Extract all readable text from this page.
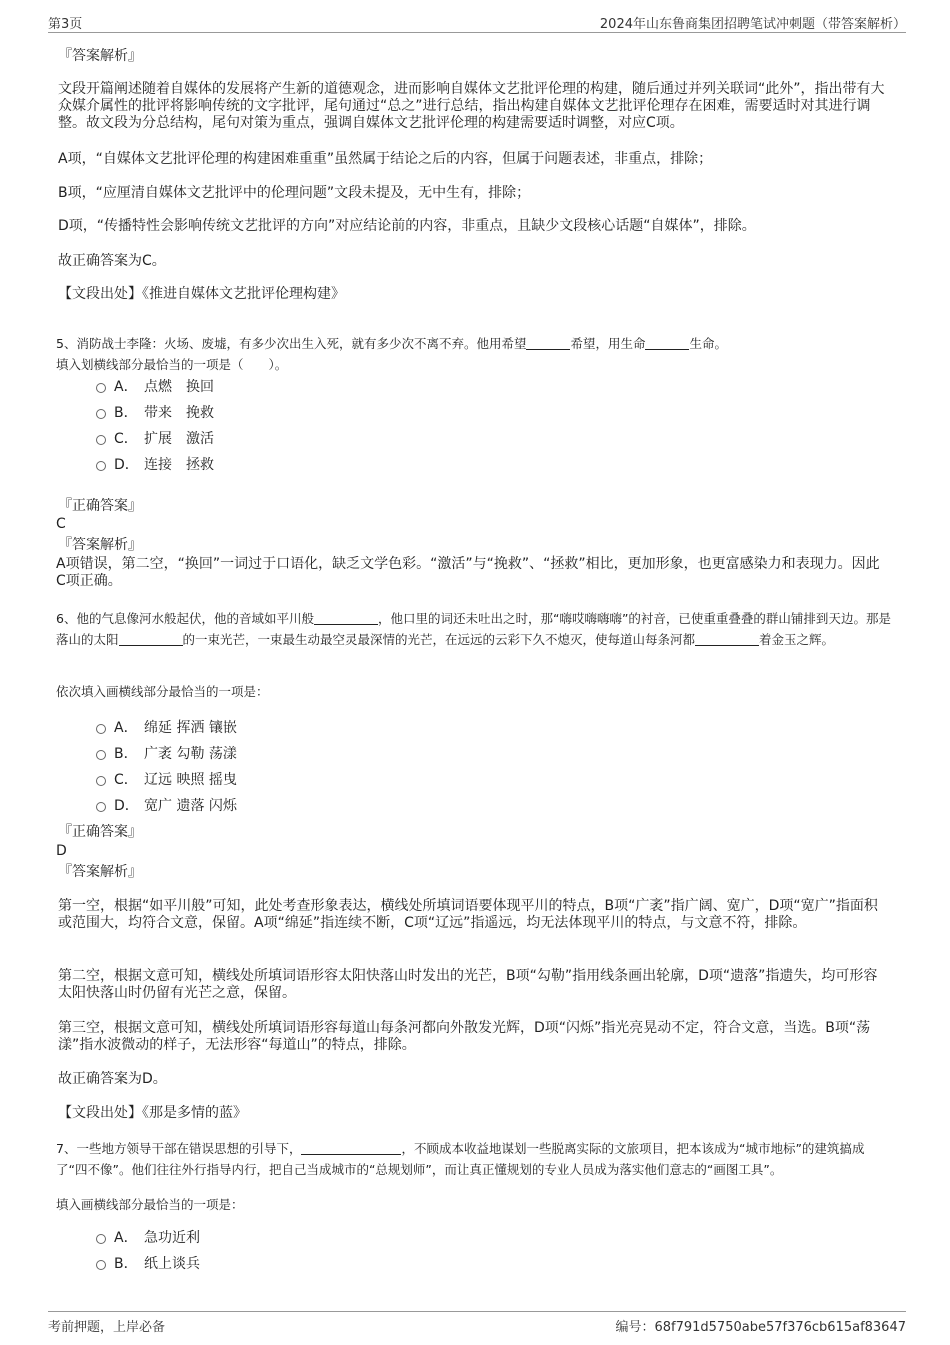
第3页	2024年山东鲁商集团招聘笔试冲刺题（带答案解析）
『答案解析』
文段开篇阐述随着自媒体的发展将产生新的道德观念，进而影响自媒体文艺批评伦理的构建，随后通过并列关联词“此外”，指出带有大众媒介属性的批评将影响传统的文字批评，尾句通过“总之”进行总结，指出构建自媒体文艺批评伦理存在困难，需要适时对其进行调整。故文段为分总结构，尾句对策为重点，强调自媒体文艺批评伦理的构建需要适时调整，对应C项。
A项，“自媒体文艺批评伦理的构建困难重重”虽然属于结论之后的内容，但属于问题表述，非重点，排除；
B项，“应厘清自媒体文艺批评中的伦理问题”文段未提及，无中生有，排除；
D项，“传播特性会影响传统文艺批评的方向”对应结论前的内容，非重点，且缺少文段核心话题“自媒体”，排除。
故正确答案为C。
【文段出处】《推进自媒体文艺批评伦理构建》
5、消防战士李隆：火场、废墟，有多少次出生入死，就有多少次不离不弃。他用希望	希望，用生命	生命。
填入划横线部分最恰当的一项是（　　）。
A． 点燃　换回
B． 带来　挽救
C． 扩展　激活
D． 连接　拯救
『正确答案』
C
『答案解析』
A项错误，第二空，“换回”一词过于口语化，缺乏文学色彩。“激活”与“挽救”、“拯救”相比，更加形象，也更富感染力和表现力。因此C项正确。
6、他的气息像河水般起伏，他的音域如平川般	，他口里的词还未吐出之时，那“嗨哎嗨嗨嗨”的衬音，已使重重叠叠的群山铺排到天边。那是落山的太阳	的一束光芒，一束最生动最空灵最深情的光芒，在远远的云彩下久不熄灭，使每道山每条河都	着金玉之辉。
依次填入画横线部分最恰当的一项是：
A． 绵延 挥洒 镶嵌
B． 广袤 勾勒 荡漾
C． 辽远 映照 摇曳
D． 宽广 遗落 闪烁
『正确答案』
D
『答案解析』
第一空，根据“如平川般”可知，此处考查形象表达，横线处所填词语要体现平川的特点，B项“广袤”指广阔、宽广，D项“宽广”指面积或范围大，均符合文意，保留。A项“绵延”指连续不断，C项“辽远”指遥远，均无法体现平川的特点，与文意不符，排除。
第二空，根据文意可知，横线处所填词语形容太阳快落山时发出的光芒，B项“勾勒”指用线条画出轮廓，D项“遗落”指遗失，均可形容太阳快落山时仍留有光芒之意，保留。
第三空，根据文意可知，横线处所填词语形容每道山每条河都向外散发光辉，D项“闪烁”指光亮晃动不定，符合文意，当选。B项“荡漾”指水波微动的样子，无法形容“每道山”的特点，排除。
故正确答案为D。
【文段出处】《那是多情的蓝》
7、一些地方领导干部在错误思想的引导下，	，不顾成本收益地谋划一些脱离实际的文旅项目，把本该成为“城市地标”的建筑搞成了“四不像”。他们往往外行指导内行，把自己当成城市的“总规划师”，而让真正懂规划的专业人员成为落实他们意志的“画图工具”。
填入画横线部分最恰当的一项是：
A． 急功近利
B． 纸上谈兵
考前押题，上岸必备	编号：68f791d5750abe57f376cb615af83647
